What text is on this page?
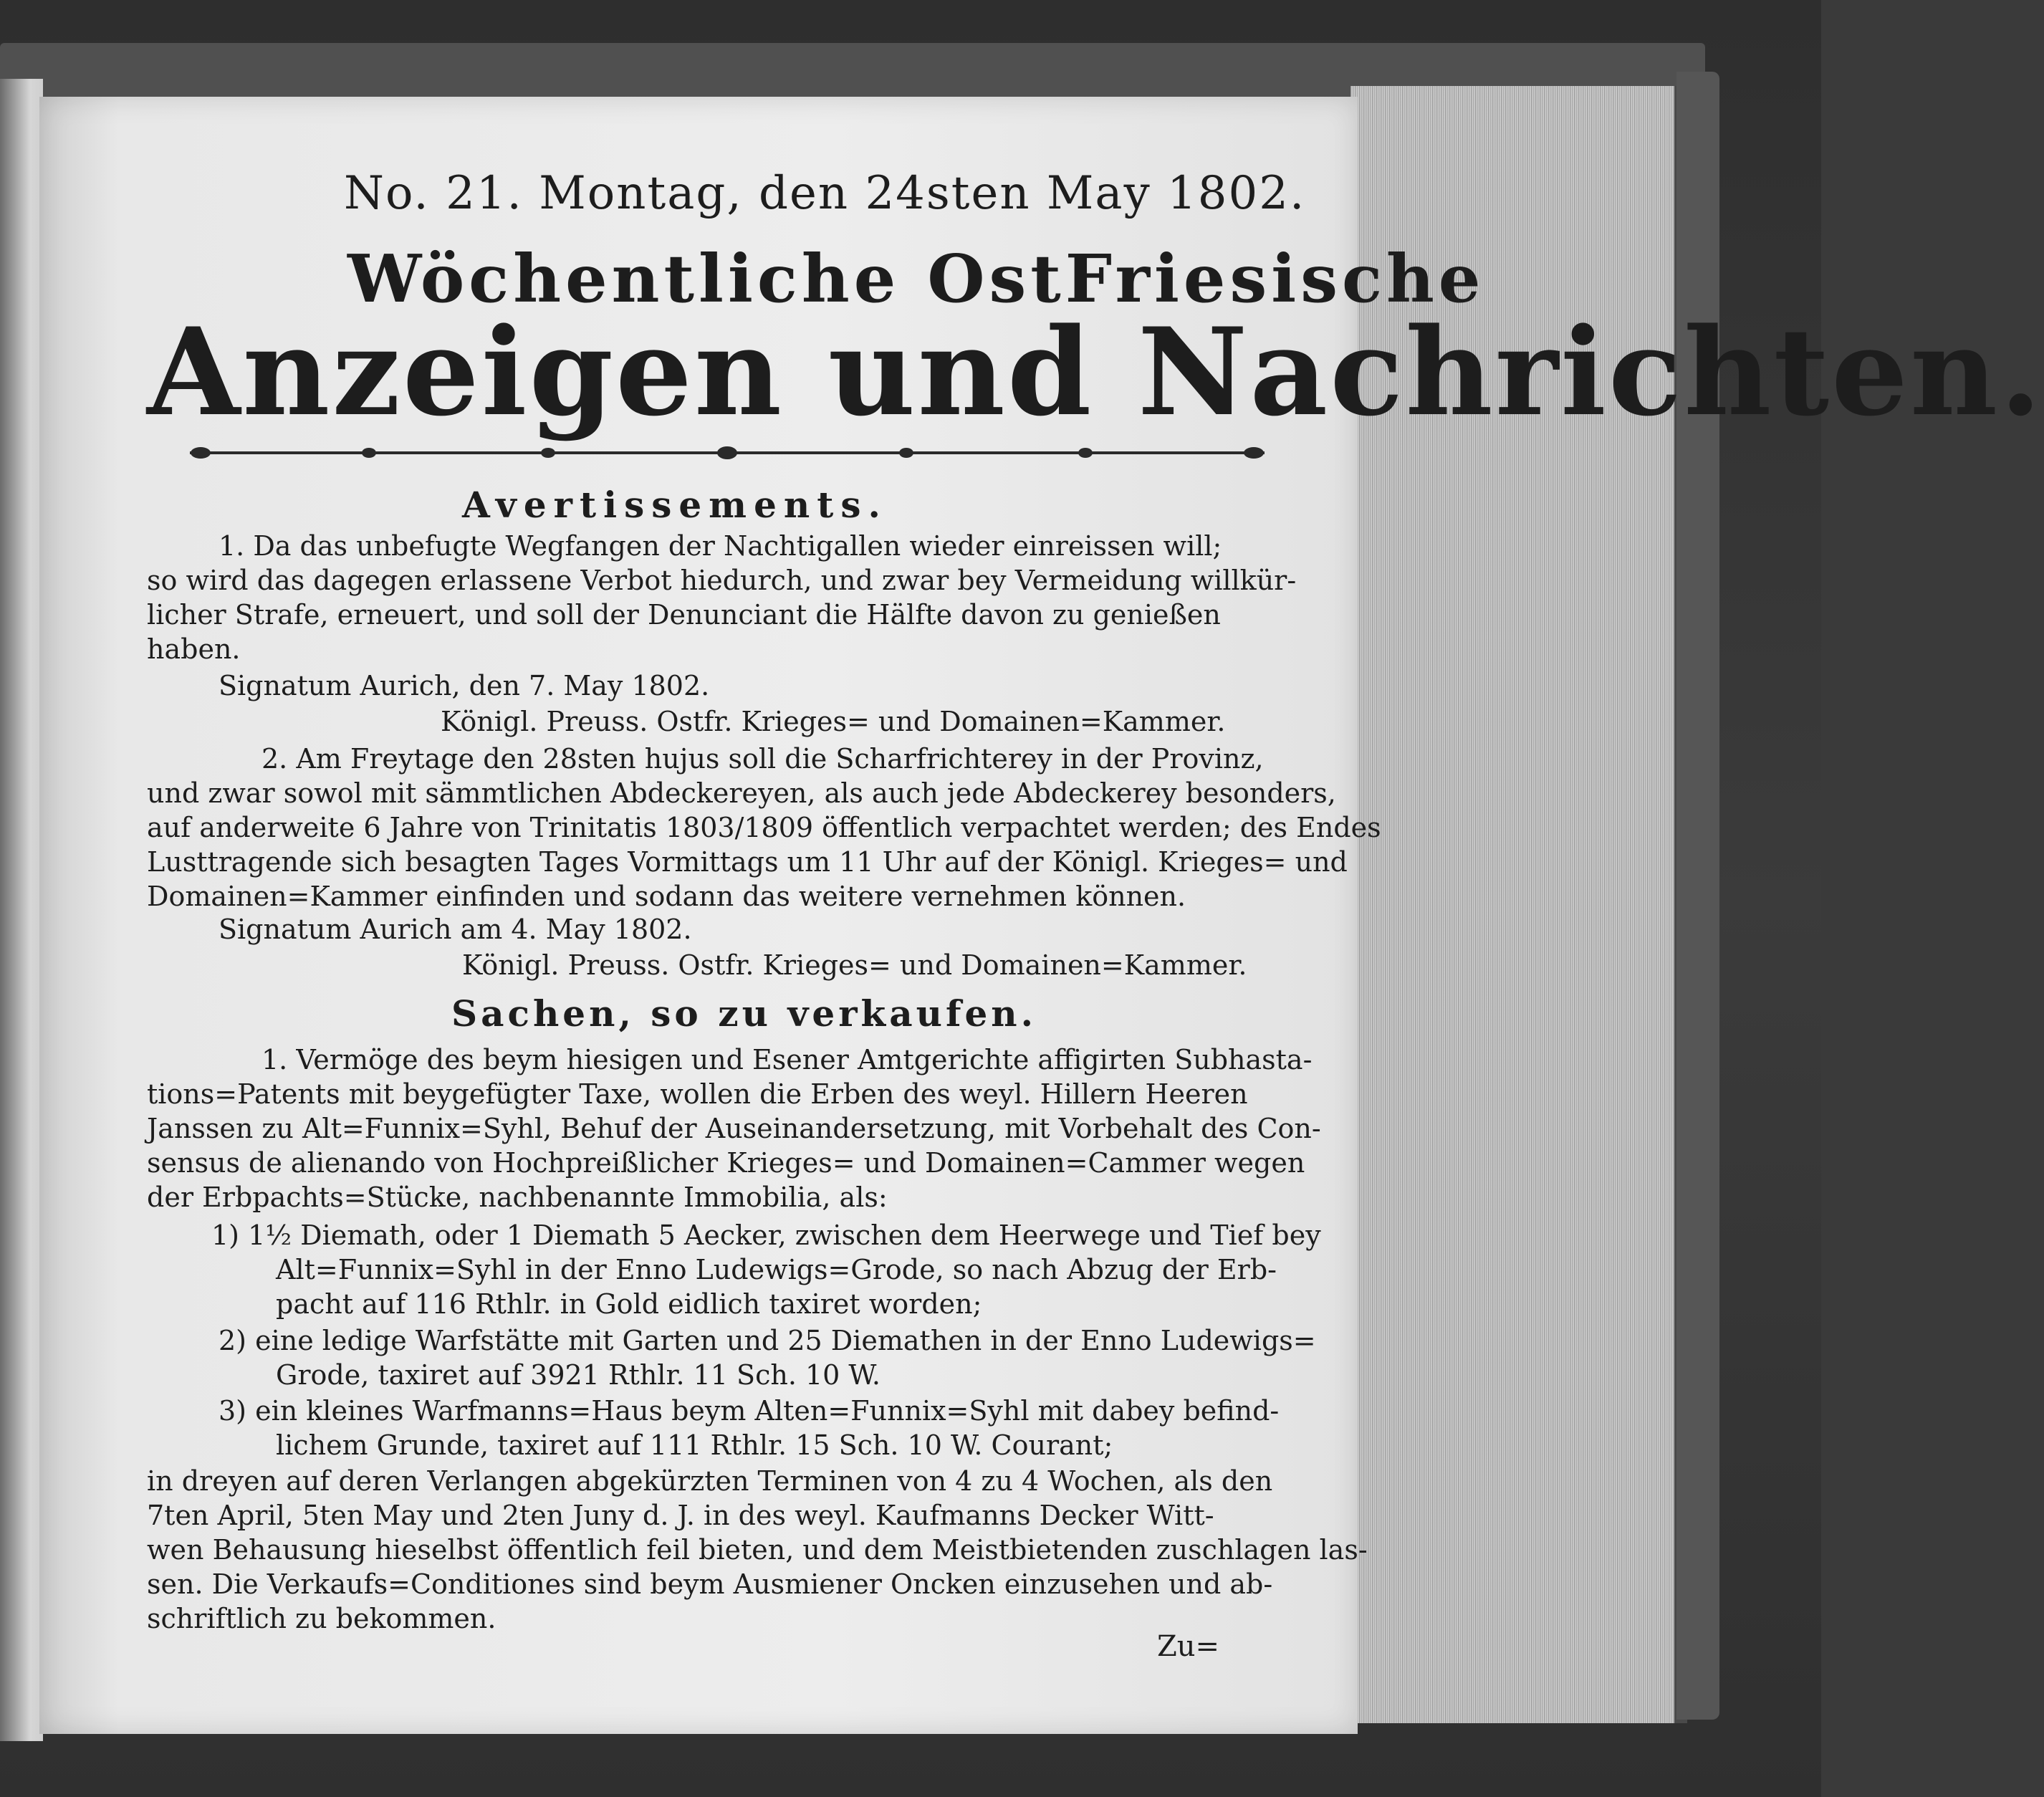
No. 21. Montag, den 24sten May 1802.

Wöchentliche OstFriesische

Anzeigen und Nachrichten.

Avertissements.

1. Da das unbefugte Wegfangen der Nachtigallen wieder einreissen will;

so wird das dagegen erlassene Verbot hiedurch, und zwar bey Vermeidung willkür-

licher Strafe, erneuert, und soll der Denunciant die Hälfte davon zu genießen

haben.

Signatum Aurich, den 7. May 1802.

Königl. Preuss. Ostfr. Krieges= und Domainen=Kammer.

2. Am Freytage den 28sten hujus soll die Scharfrichterey in der Provinz,

und zwar sowol mit sämmtlichen Abdeckereyen, als auch jede Abdeckerey besonders,

auf anderweite 6 Jahre von Trinitatis 1803/1809 öffentlich verpachtet werden; des Endes

Lusttragende sich besagten Tages Vormittags um 11 Uhr auf der Königl. Krieges= und

Domainen=Kammer einfinden und sodann das weitere vernehmen können.

Signatum Aurich am 4. May 1802.

Königl. Preuss. Ostfr. Krieges= und Domainen=Kammer.

Sachen, so zu verkaufen.

1. Vermöge des beym hiesigen und Esener Amtgerichte affigirten Subhasta-

tions=Patents mit beygefügter Taxe, wollen die Erben des weyl. Hillern Heeren

Janssen zu Alt=Funnix=Syhl, Behuf der Auseinandersetzung, mit Vorbehalt des Con-

sensus de alienando von Hochpreißlicher Krieges= und Domainen=Cammer wegen

der Erbpachts=Stücke, nachbenannte Immobilia, als:

1) 1½ Diemath, oder 1 Diemath 5 Aecker, zwischen dem Heerwege und Tief bey

Alt=Funnix=Syhl in der Enno Ludewigs=Grode, so nach Abzug der Erb-

pacht auf 116 Rthlr. in Gold eidlich taxiret worden;

2) eine ledige Warfstätte mit Garten und 25 Diemathen in der Enno Ludewigs=

Grode, taxiret auf 3921 Rthlr. 11 Sch. 10 W.

3) ein kleines Warfmanns=Haus beym Alten=Funnix=Syhl mit dabey befind-

lichem Grunde, taxiret auf 111 Rthlr. 15 Sch. 10 W. Courant;

in dreyen auf deren Verlangen abgekürzten Terminen von 4 zu 4 Wochen, als den

7ten April, 5ten May und 2ten Juny d. J. in des weyl. Kaufmanns Decker Witt-

wen Behausung hieselbst öffentlich feil bieten, und dem Meistbietenden zuschlagen las-

sen. Die Verkaufs=Conditiones sind beym Ausmiener Oncken einzusehen und ab-

schriftlich zu bekommen.

Zu=
